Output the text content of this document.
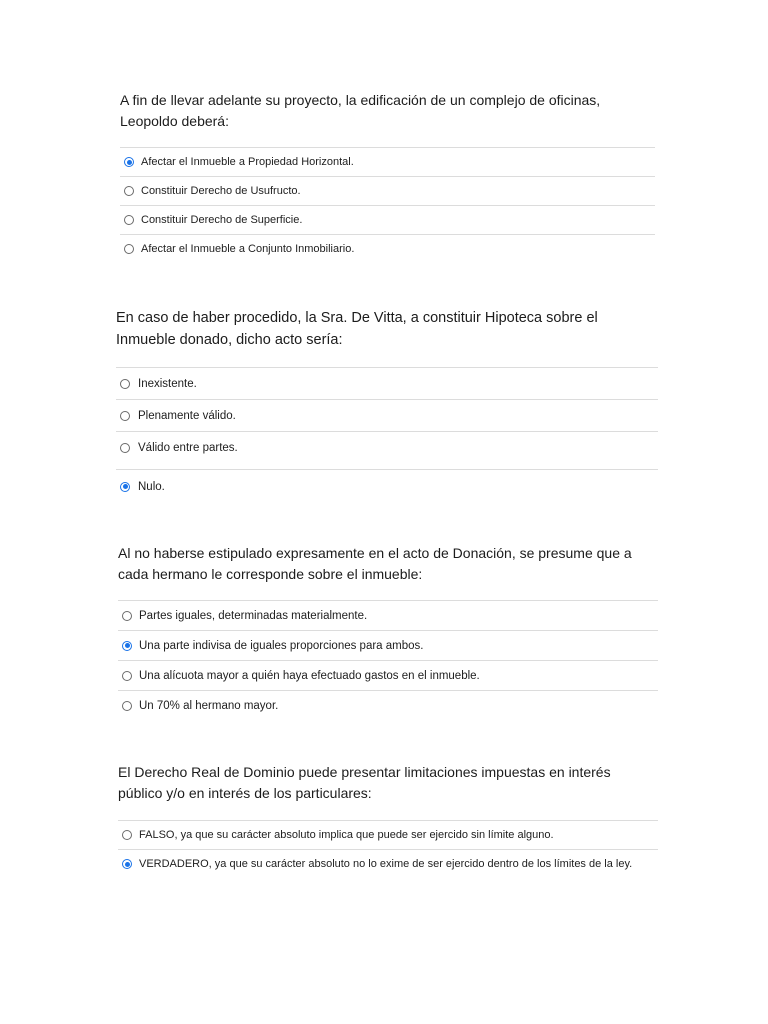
A fin de llevar adelante su proyecto, la edificación de un complejo de oficinas, Leopoldo deberá:

Afectar el Inmueble a Propiedad Horizontal.
Constituir Derecho de Usufructo.
Constituir Derecho de Superficie.
Afectar el Inmueble a Conjunto Inmobiliario.

En caso de haber procedido, la Sra. De Vitta, a constituir Hipoteca sobre el Inmueble donado, dicho acto sería:

Inexistente.
Plenamente válido.
Válido entre partes.
Nulo.

Al no haberse estipulado expresamente en el acto de Donación, se presume que a cada hermano le corresponde sobre el inmueble:

Partes iguales, determinadas materialmente.
Una parte indivisa de iguales proporciones para ambos.
Una alícuota mayor a quién haya efectuado gastos en el inmueble.
Un 70% al hermano mayor.

El Derecho Real de Dominio puede presentar limitaciones impuestas en interés público y/o en interés de los particulares:

FALSO, ya que su carácter absoluto implica que puede ser ejercido sin límite alguno.
VERDADERO, ya que su carácter absoluto no lo exime de ser ejercido dentro de los límites de la ley.
